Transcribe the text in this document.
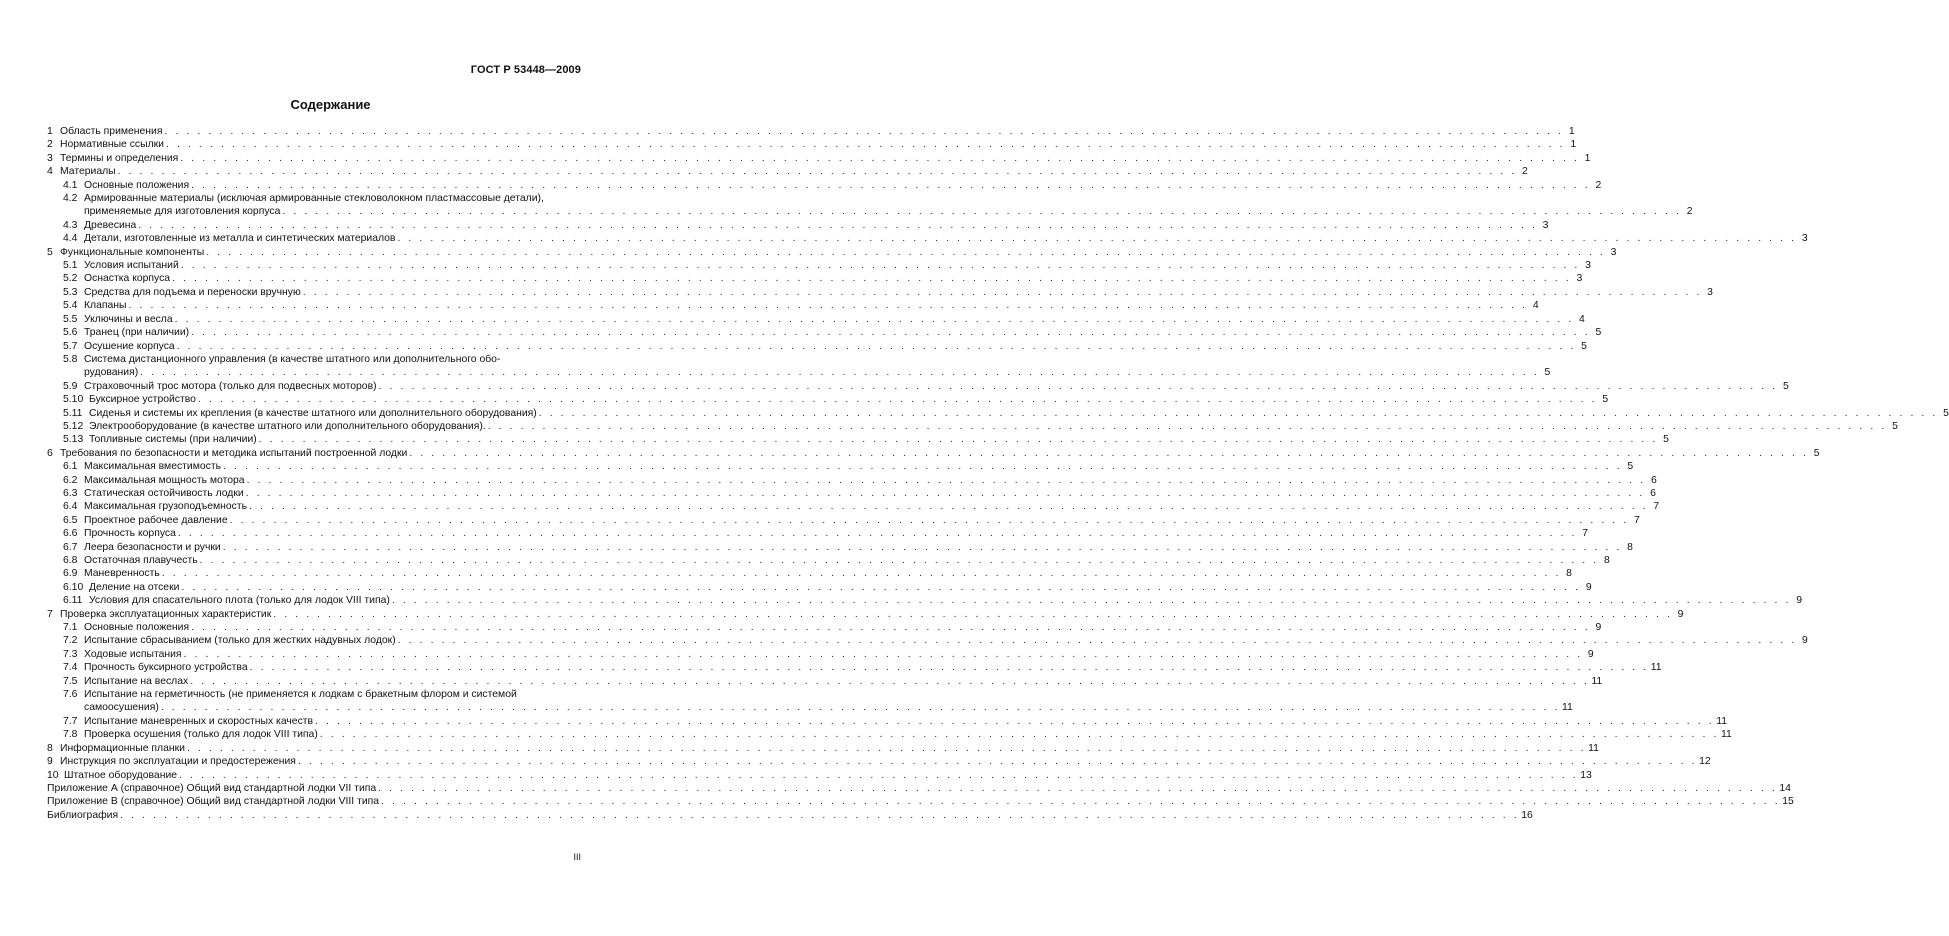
ГОСТ Р 53448—2009
Содержание
1 Область применения . . .	1
2 Нормативные ссылки . . .	1
3 Термины и определения . . .	1
4 Материалы . . .	2
4.1 Основные положения . . .	2
4.2 Армированные материалы (исключая армированные стекловолокном пластмассовые детали),
применяемые для изготовления корпуса . . .	2
4.3 Древесина . . .	3
4.4 Детали, изготовленные из металла и синтетических материалов . . .	3
5 Функциональные компоненты . . .	3
5.1 Условия испытаний . . .	3
5.2 Оснастка корпуса . . .	3
5.3 Средства для подъема и переноски вручную . . .	3
5.4 Клапаны . . .	4
5.5 Уключины и весла . . .	4
5.6 Транец (при наличии) . . .	5
5.7 Осушение корпуса . . .	5
5.8 Система дистанционного управления (в качестве штатного или дополнительного обо-
рудования) . . .	5
5.9 Страховочный трос мотора (только для подвесных моторов) . . .	5
5.10 Буксирное устройство . . .	5
5.11 Сиденья и системы их крепления (в качестве штатного или дополнительного оборудования) . . .	5
5.12 Электрооборудование (в качестве штатного или дополнительного оборудования). . . .	5
5.13 Топливные системы (при наличии) . . .	5
6 Требования по безопасности и методика испытаний построенной лодки . . .	5
6.1 Максимальная вместимость . . .	5
6.2 Максимальная мощность мотора . . .	6
6.3 Статическая остойчивость лодки . . .	6
6.4 Максимальная грузоподъемность . . .	7
6.5 Проектное рабочее давление . . .	7
6.6 Прочность корпуса . . .	7
6.7 Леера безопасности и ручки . . .	8
6.8 Остаточная плавучесть . . .	8
6.9 Маневренность . . .	8
6.10 Деление на отсеки . . .	9
6.11 Условия для спасательного плота (только для лодок VIII типа) . . .	9
7 Проверка эксплуатационных характеристик . . .	9
7.1 Основные положения . . .	9
7.2 Испытание сбрасыванием (только для жестких надувных лодок) . . .	9
7.3 Ходовые испытания . . .	9
7.4 Прочность буксирного устройства . . .	11
7.5 Испытание на веслах . . .	11
7.6 Испытание на герметичность (не применяется к лодкам с бракетным флором и системой
самоосушения) . . .	11
7.7 Испытание маневренных и скоростных качеств . . .	11
7.8 Проверка осушения (только для лодок VIII типа) . . .	11
8 Информационные планки . . .	11
9 Инструкция по эксплуатации и предостережения . . .	12
10 Штатное оборудование . . .	13
Приложение А (справочное) Общий вид стандартной лодки VII типа . . .	14
Приложение В (справочное) Общий вид стандартной лодки VIII типа . . .	15
Библиография . . .	16
III
